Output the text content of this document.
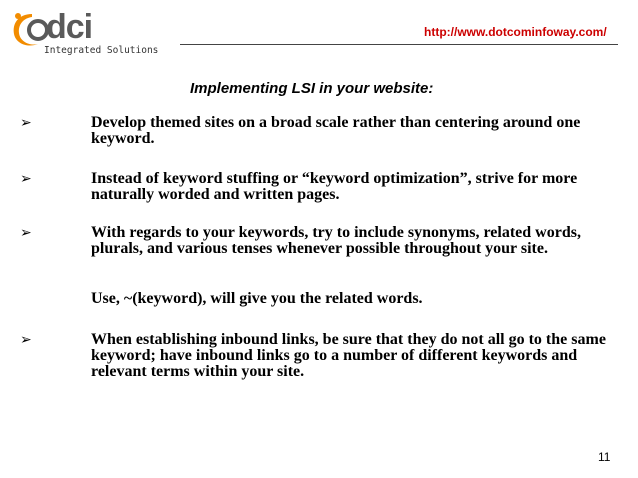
dci
Integrated Solutions
http://www.dotcominfoway.com/
Implementing LSI in your website:
➢	Develop themed sites on a broad scale rather than centering around one keyword.
➢	Instead of keyword stuffing or “keyword optimization”, strive for more naturally worded and written pages.
➢	With regards to your keywords, try to include synonyms, related words, plurals, and various tenses whenever possible throughout your site.
Use, ~(keyword), will give you the related words.
➢	When establishing inbound links, be sure that they do not all go to the same keyword; have inbound links go to a number of different keywords and relevant terms within your site.
11
